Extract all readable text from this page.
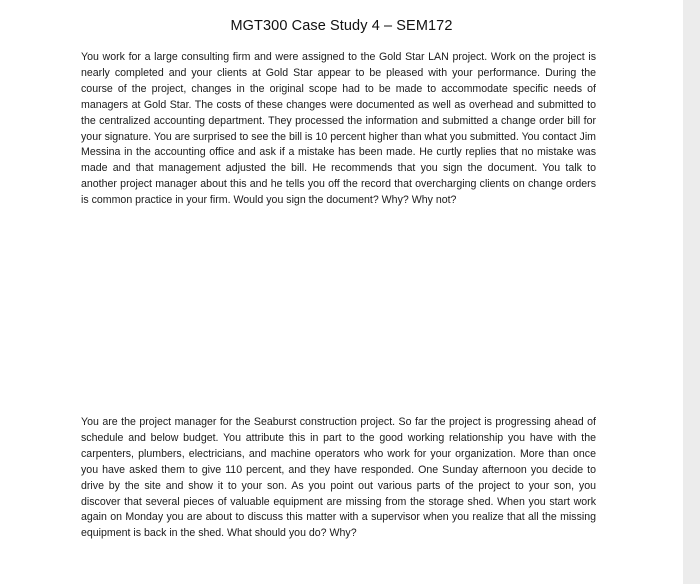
MGT300 Case Study 4 – SEM172

You work for a large consulting firm and were assigned to the Gold Star LAN project. Work on the project is nearly completed and your clients at Gold Star appear to be pleased with your performance. During the course of the project, changes in the original scope had to be made to accommodate specific needs of managers at Gold Star. The costs of these changes were documented as well as overhead and submitted to the centralized accounting department. They processed the information and submitted a change order bill for your signature. You are surprised to see the bill is 10 percent higher than what you submitted. You contact Jim Messina in the accounting office and ask if a mistake has been made. He curtly replies that no mistake was made and that management adjusted the bill. He recommends that you sign the document. You talk to another project manager about this and he tells you off the record that overcharging clients on change orders is common practice in your firm. Would you sign the document? Why? Why not?

You are the project manager for the Seaburst construction project. So far the project is progressing ahead of schedule and below budget. You attribute this in part to the good working relationship you have with the carpenters, plumbers, electricians, and machine operators who work for your organization. More than once you have asked them to give 110 percent, and they have responded. One Sunday afternoon you decide to drive by the site and show it to your son. As you point out various parts of the project to your son, you discover that several pieces of valuable equipment are missing from the storage shed. When you start work again on Monday you are about to discuss this matter with a supervisor when you realize that all the missing equipment is back in the shed. What should you do? Why?
